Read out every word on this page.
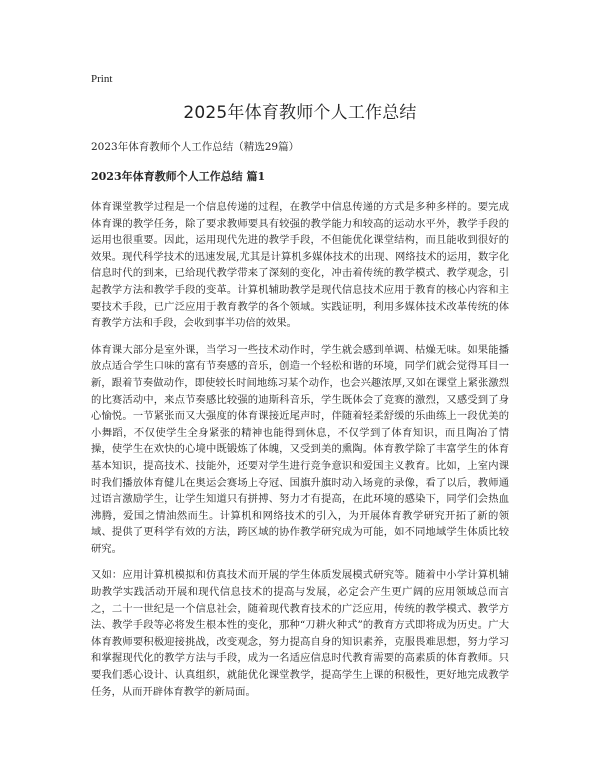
Print
2025年体育教师个人工作总结

2023年体育教师个人工作总结（精选29篇）

2023年体育教师个人工作总结 篇1

体育课堂教学过程是一个信息传递的过程，在教学中信息传递的方式是多种多样的。要完成体育课的教学任务，除了要求教师要具有较强的教学能力和较高的运动水平外，教学手段的运用也很重要。因此，运用现代先进的教学手段，不但能优化课堂结构，而且能收到很好的效果。现代科学技术的迅速发展,尤其是计算机多媒体技术的出现、网络技术的运用，数字化信息时代的到来，已给现代教学带来了深刻的变化，冲击着传统的教学模式、教学观念，引起教学方法和教学手段的变革。计算机辅助教学是现代信息技术应用于教育的核心内容和主要技术手段，已广泛应用于教育教学的各个领域。实践证明，利用多媒体技术改革传统的体育教学方法和手段，会收到事半功倍的效果。

体育课大部分是室外课，当学习一些技术动作时，学生就会感到单调、枯燥无味。如果能播放点适合学生口味的富有节奏感的音乐，创造一个轻松和谐的环境，同学们就会觉得耳目一新，跟着节奏做动作，即使较长时间地练习某个动作，也会兴趣浓厚,又如在课堂上紧张激烈的比赛活动中，来点节奏感比较强的迪斯科音乐，学生既体会了竞赛的激烈，又感受到了身心愉悦。一节紧张而又大强度的体育课接近尾声时，伴随着轻柔舒缓的乐曲练上一段优美的小舞蹈，不仅使学生全身紧张的精神也能得到休息，不仅学到了体育知识，而且陶冶了情操，使学生在欢快的心境中既锻炼了体魄，又受到美的熏陶。体育教学除了丰富学生的体育基本知识，提高技术、技能外，还要对学生进行竞争意识和爱国主义教育。比如，上室内课时我们播放体育健儿在奥运会赛场上夺冠、国旗升旗时动入场竟的录像，看了以后，教师通过语言激励学生，让学生知道只有拼搏、努力才有提高，在此环境的感染下，同学们会热血沸腾，爱国之情油然而生。计算机和网络技术的引入，为开展体育教学研究开拓了新的领域、提供了更科学有效的方法，跨区域的协作教学研究成为可能，如不同地域学生体质比较研究。

又如：应用计算机模拟和仿真技术而开展的学生体质发展模式研究等。随着中小学计算机辅助教学实践活动开展和现代信息技术的提高与发展，必定会产生更广阔的应用领域总而言之，二十一世纪是一个信息社会，随着现代教育技术的广泛应用，传统的教学模式、教学方法、教学手段等必将发生根本性的变化，那种“刀耕火种式”的教育方式即将成为历史。广大体育教师要积极迎接挑战，改变观念，努力提高自身的知识素养，克服畏难思想，努力学习和掌握现代化的教学方法与手段，成为一名适应信息时代教育需要的高素质的体育教师。只要我们悉心设计、认真组织，就能优化课堂教学，提高学生上课的积极性，更好地完成教学任务，从而开辟体育教学的新局面。
